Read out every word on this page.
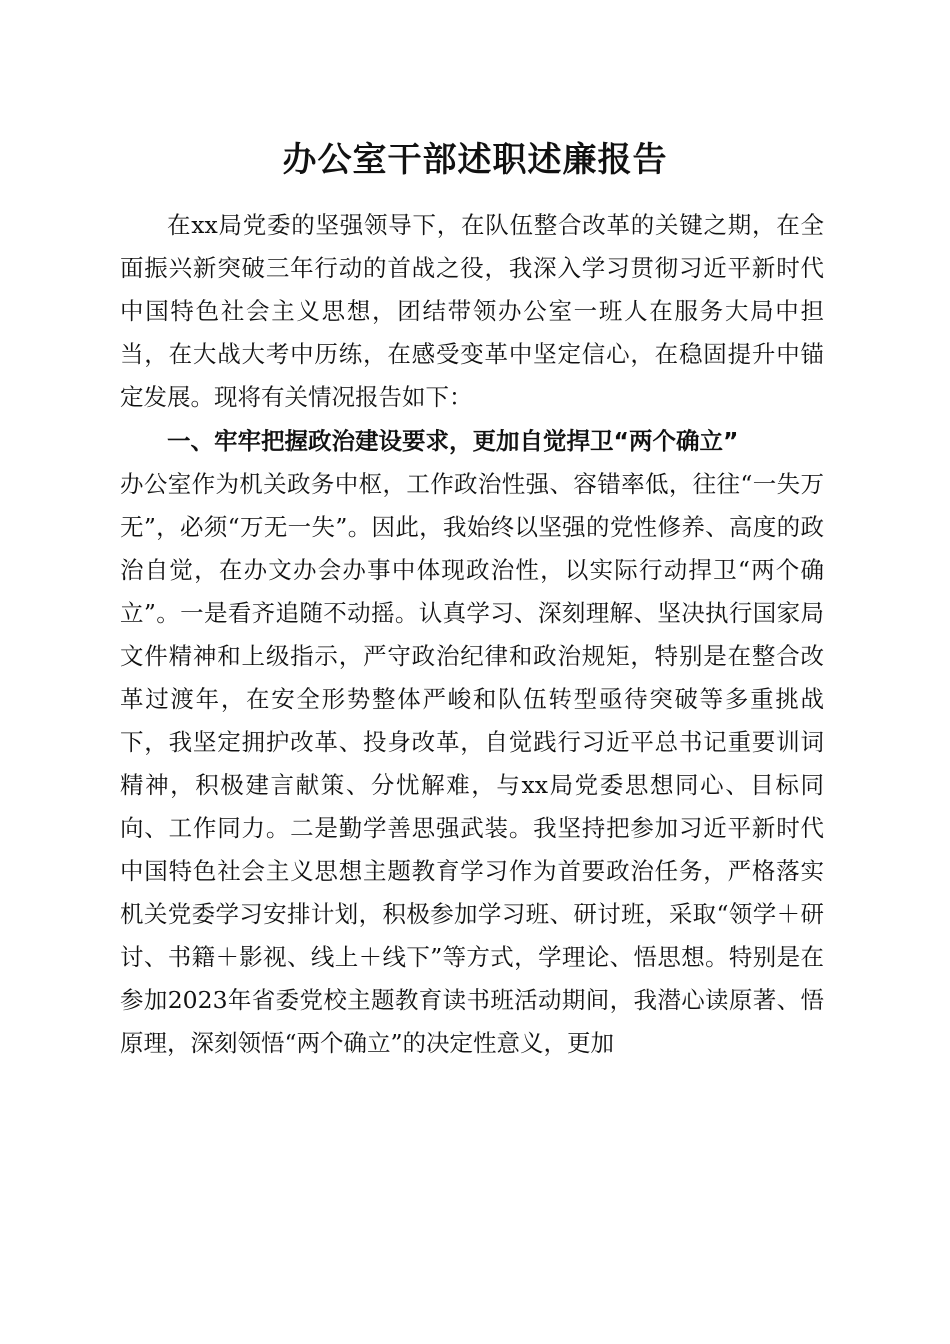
办公室干部述职述廉报告

在xx局党委的坚强领导下，在队伍整合改革的关键之期，在全面振兴新突破三年行动的首战之役，我深入学习贯彻习近平新时代中国特色社会主义思想，团结带领办公室一班人在服务大局中担当，在大战大考中历练，在感受变革中坚定信心，在稳固提升中锚定发展。现将有关情况报告如下：

一、牢牢把握政治建设要求，更加自觉捍卫“两个确立”

办公室作为机关政务中枢，工作政治性强、容错率低，往往“一失万无”，必须“万无一失”。因此，我始终以坚强的党性修养、高度的政治自觉，在办文办会办事中体现政治性，以实际行动捍卫“两个确立”。一是看齐追随不动摇。认真学习、深刻理解、坚决执行国家局文件精神和上级指示，严守政治纪律和政治规矩，特别是在整合改革过渡年，在安全形势整体严峻和队伍转型亟待突破等多重挑战下，我坚定拥护改革、投身改革，自觉践行习近平总书记重要训词精神，积极建言献策、分忧解难，与xx局党委思想同心、目标同向、工作同力。二是勤学善思强武装。我坚持把参加习近平新时代中国特色社会主义思想主题教育学习作为首要政治任务，严格落实机关党委学习安排计划，积极参加学习班、研讨班，采取“领学＋研讨、书籍＋影视、线上＋线下”等方式，学理论、悟思想。特别是在参加2023年省委党校主题教育读书班活动期间，我潜心读原著、悟原理，深刻领悟“两个确立”的决定性意义，更加
